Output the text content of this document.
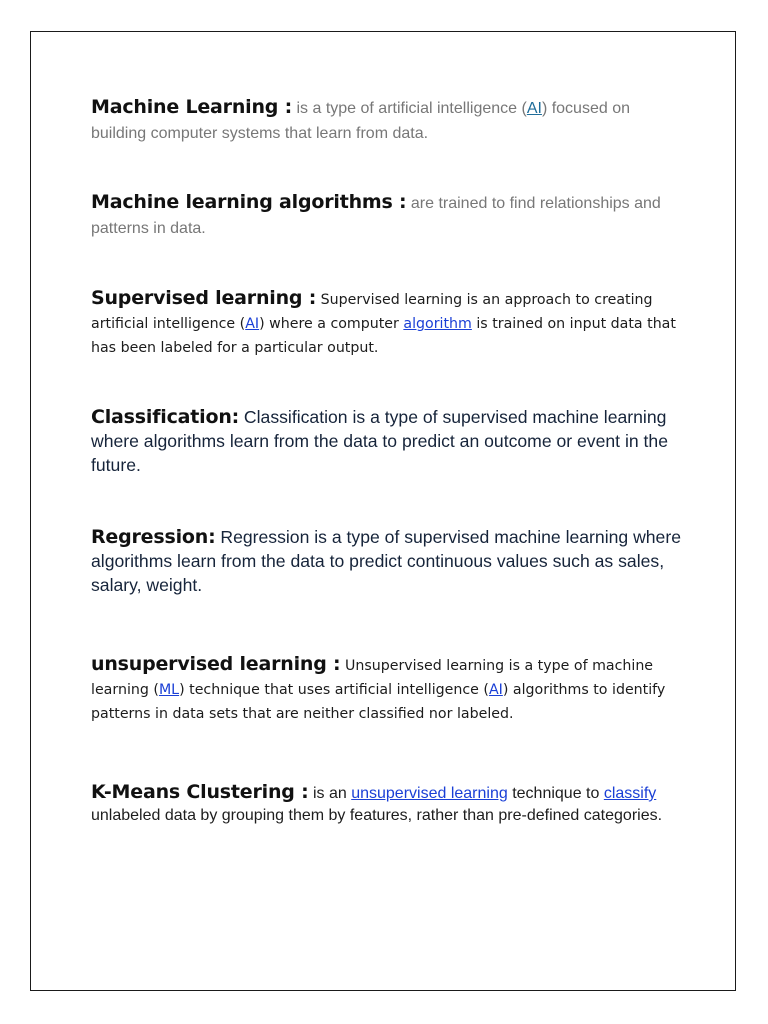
Machine Learning : is a type of artificial intelligence (AI) focused on building computer systems that learn from data.

Machine learning algorithms : are trained to find relationships and patterns in data.

Supervised learning : Supervised learning is an approach to creating artificial intelligence (AI) where a computer algorithm is trained on input data that has been labeled for a particular output.

Classification: Classification is a type of supervised machine learning where algorithms learn from the data to predict an outcome or event in the future.

Regression: Regression is a type of supervised machine learning where algorithms learn from the data to predict continuous values such as sales, salary, weight.

unsupervised learning : Unsupervised learning is a type of machine learning (ML) technique that uses artificial intelligence (AI) algorithms to identify patterns in data sets that are neither classified nor labeled.

K-Means Clustering : is an unsupervised learning technique to classify unlabeled data by grouping them by features, rather than pre-defined categories.
